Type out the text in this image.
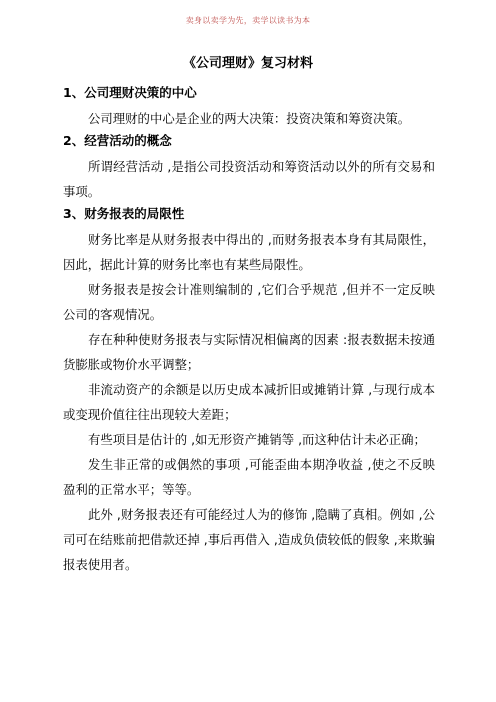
卖身以卖学为先，卖学以读书为本
《公司理财》复习材料
1、公司理财决策的中心

公司理财的中心是企业的两大决策：投资决策和筹资决策。

2、经营活动的概念

所谓经营活动 ,是指公司投资活动和筹资活动以外的所有交易和事项。

3、财务报表的局限性

财务比率是从财务报表中得出的 ,而财务报表本身有其局限性，因此，据此计算的财务比率也有某些局限性。

财务报表是按会计准则编制的 ,它们合乎规范 ,但并不一定反映公司的客观情况。

存在种种使财务报表与实际情况相偏离的因素 :报表数据未按通货膨胀或物价水平调整；

非流动资产的余额是以历史成本减折旧或摊销计算 ,与现行成本或变现价值往往出现较大差距；

有些项目是估计的 ,如无形资产摊销等 ,而这种估计未必正确；

发生非正常的或偶然的事项 ,可能歪曲本期净收益 ,使之不反映盈利的正常水平；等等。

此外 ,财务报表还有可能经过人为的修饰 ,隐瞒了真相。例如 ,公司可在结账前把借款还掉 ,事后再借入 ,造成负债较低的假象 ,来欺骗报表使用者。
